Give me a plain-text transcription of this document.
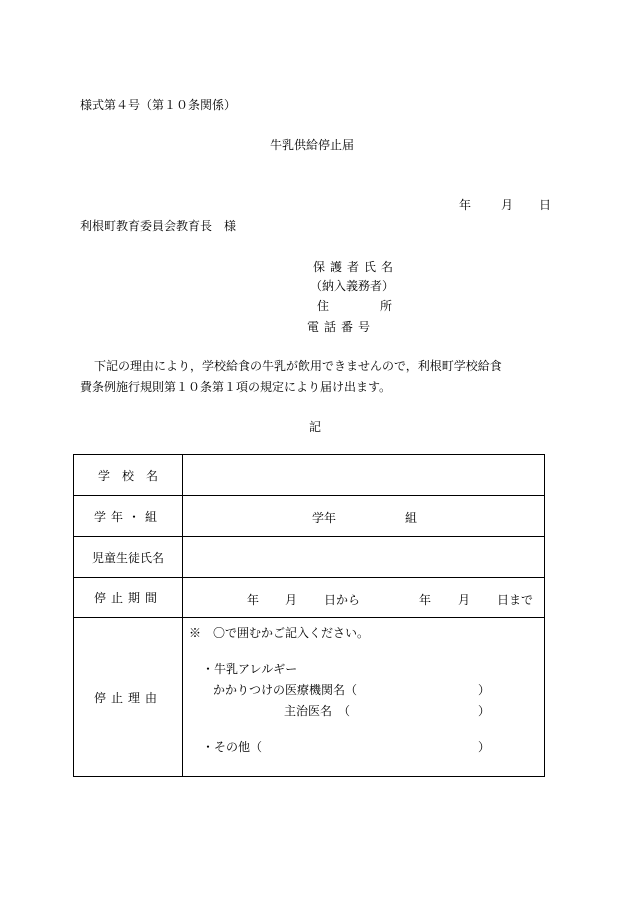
様式第４号（第１０条関係）
牛乳供給停止届
年 月 日
利根町教育委員会教育長　様
保護者氏名
（納入義務者）
住	所
電話番号
下記の理由により，学校給食の牛乳が飲用できませんので，利根町学校給食
費条例施行規則第１０条第１項の規定により届け出ます。
記
学　校　名
学年・組	学年	組
児童生徒氏名
停止期間	年 月 日から	年 月 日まで
停止理由
※　〇で囲むかご記入ください。
・牛乳アレルギー
かかりつけの医療機関名（	）
主治医名　（	）
・その他（	）
